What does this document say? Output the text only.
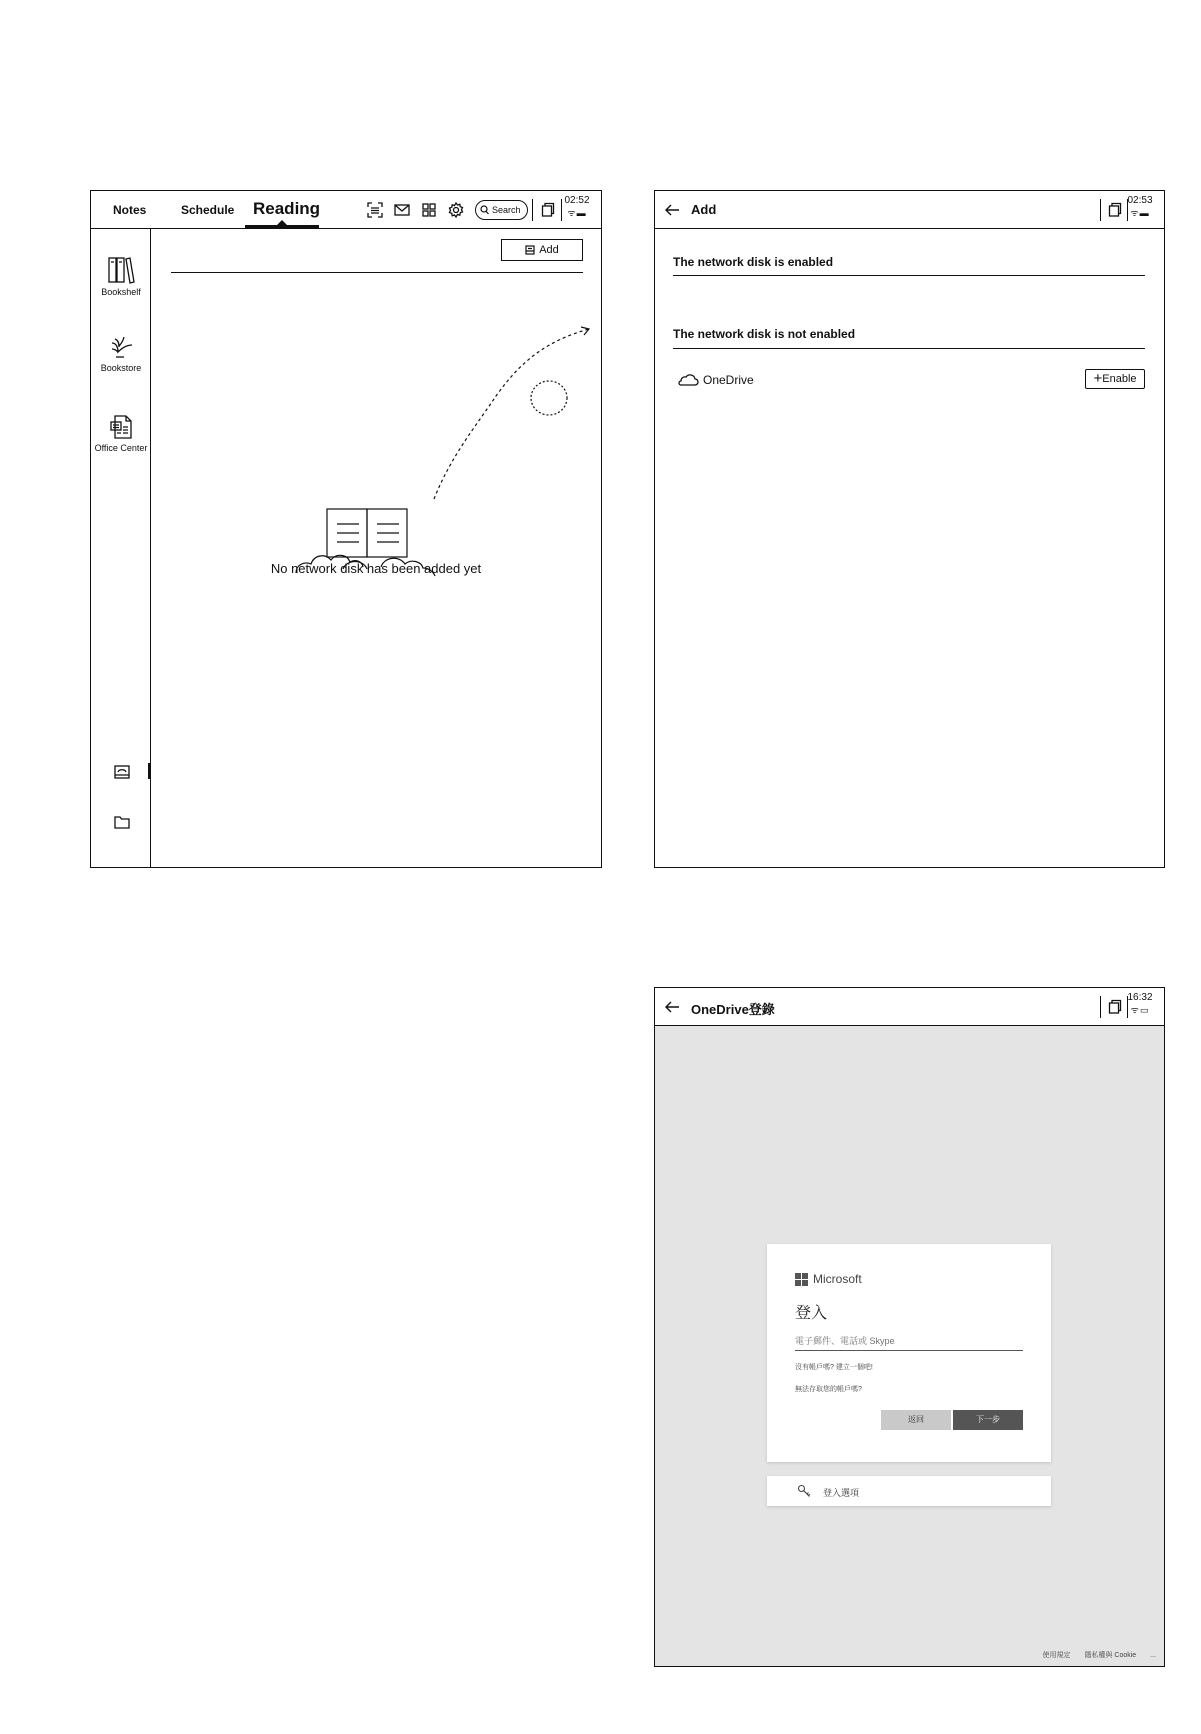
Notes	Schedule Reading	Search
02:52
ᯤ▬
Bookshelf
Bookstore
Office Center
Add
No network disk has been added yet
Add
02:53
ᯤ▬
The network disk is enabled
The network disk is not enabled
OneDrive	+Enable
OneDrive登錄
16:32
ᯤ▭
Microsoft
登入
電子郵件、電話或 Skype
沒有帳戶嗎? 建立一個吧!
無法存取您的帳戶嗎?
返回	下一步
登入選項
使用規定 隱私權與 Cookie ...
